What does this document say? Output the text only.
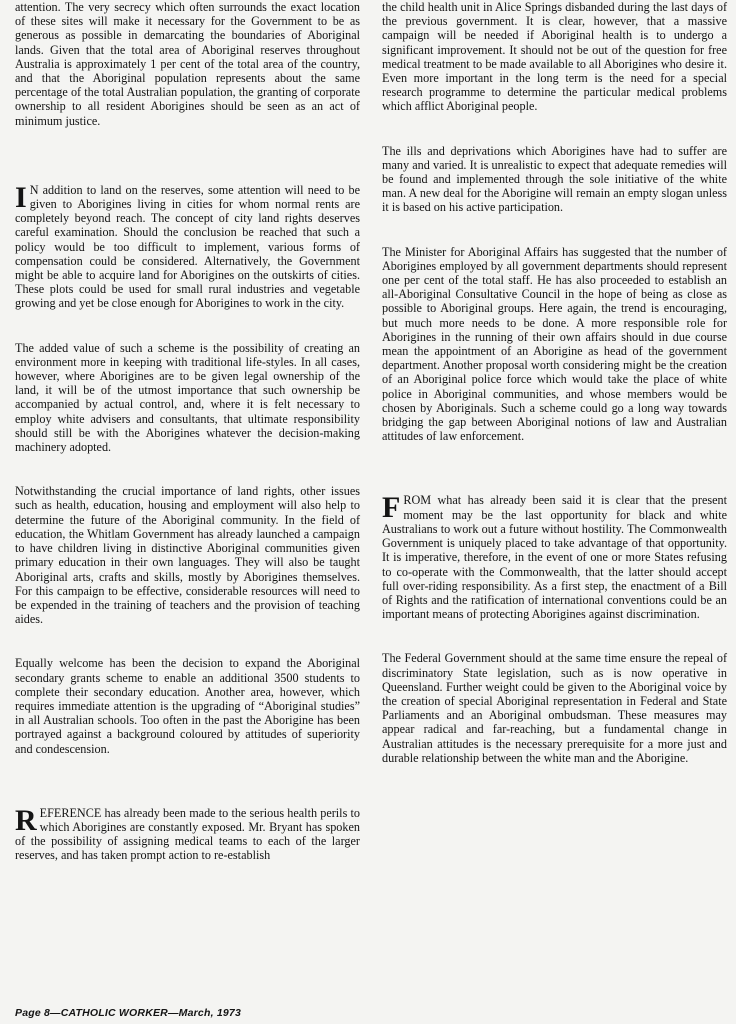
attention. The very secrecy which often surrounds the exact location of these sites will make it necessary for the Government to be as generous as possible in demarcating the boundaries of Aboriginal lands. Given that the total area of Aboriginal reserves throughout Australia is approximately 1 per cent of the total area of the country, and that the Aboriginal population represents about the same percentage of the total Australian population, the granting of corporate ownership to all resident Aborigines should be seen as an act of minimum justice.

I N addition to land on the reserves, some attention will need to be given to Aborigines living in cities for whom normal rents are completely beyond reach. The concept of city land rights deserves careful examination. Should the conclusion be reached that such a policy would be too difficult to implement, various forms of compensation could be considered. Alternatively, the Government might be able to acquire land for Aborigines on the outskirts of cities. These plots could be used for small rural industries and vegetable growing and yet be close enough for Aborigines to work in the city.

The added value of such a scheme is the possibility of creating an environment more in keeping with traditional life-styles. In all cases, however, where Aborigines are to be given legal ownership of the land, it will be of the utmost importance that such ownership be accompanied by actual control, and, where it is felt necessary to employ white advisers and consultants, that ultimate responsibility should still be with the Aborigines whatever the decision-making machinery adopted.

Notwithstanding the crucial importance of land rights, other issues such as health, education, housing and employment will also help to determine the future of the Aboriginal community. In the field of education, the Whitlam Government has already launched a campaign to have children living in distinctive Aboriginal communities given primary education in their own languages. They will also be taught Aboriginal arts, crafts and skills, mostly by Aborigines themselves. For this campaign to be effective, considerable resources will need to be expended in the training of teachers and the provision of teaching aides.

Equally welcome has been the decision to expand the Aboriginal secondary grants scheme to enable an additional 3500 students to complete their secondary education. Another area, however, which requires immediate attention is the upgrading of “Aboriginal studies” in all Australian schools. Too often in the past the Aborigine has been portrayed against a background coloured by attitudes of superiority and condescension.

REFERENCE has already been made to the serious health perils to which Aborigines are constantly exposed. Mr. Bryant has spoken of the possibility of assigning medical teams to each of the larger reserves, and has taken prompt action to re-establish

the child health unit in Alice Springs disbanded during the last days of the previous government. It is clear, however, that a massive campaign will be needed if Aboriginal health is to undergo a significant improvement. It should not be out of the question for free medical treatment to be made available to all Aborigines who desire it. Even more important in the long term is the need for a special research programme to determine the particular medical problems which afflict Aboriginal people.

The ills and deprivations which Aborigines have had to suffer are many and varied. It is unrealistic to expect that adequate remedies will be found and implemented through the sole initiative of the white man. A new deal for the Aborigine will remain an empty slogan unless it is based on his active participation.

The Minister for Aboriginal Affairs has suggested that the number of Aborigines employed by all government departments should represent one per cent of the total staff. He has also proceeded to establish an all-Aboriginal Consultative Council in the hope of being as close as possible to Aboriginal groups. Here again, the trend is encouraging, but much more needs to be done. A more responsible role for Aborigines in the running of their own affairs should in due course mean the appointment of an Aborigine as head of the government department. Another proposal worth considering might be the creation of an Aboriginal police force which would take the place of white police in Aboriginal communities, and whose members would be chosen by Aboriginals. Such a scheme could go a long way towards bridging the gap between Aboriginal notions of law and Australian attitudes of law enforcement.

FROM what has already been said it is clear that the present moment may be the last opportunity for black and white Australians to work out a future without hostility. The Commonwealth Government is uniquely placed to take advantage of that opportunity. It is imperative, therefore, in the event of one or more States refusing to co-operate with the Commonwealth, that the latter should accept full over-riding responsibility. As a first step, the enactment of a Bill of Rights and the ratification of international conventions could be an important means of protecting Aborigines against discrimination.

The Federal Government should at the same time ensure the repeal of discriminatory State legislation, such as is now operative in Queensland. Further weight could be given to the Aboriginal voice by the creation of special Aboriginal representation in Federal and State Parliaments and an Aboriginal ombudsman. These measures may appear radical and far-reaching, but a fundamental change in Australian attitudes is the necessary prerequisite for a more just and durable relationship between the white man and the Aborigine.

Page 8—CATHOLIC WORKER—March, 1973
